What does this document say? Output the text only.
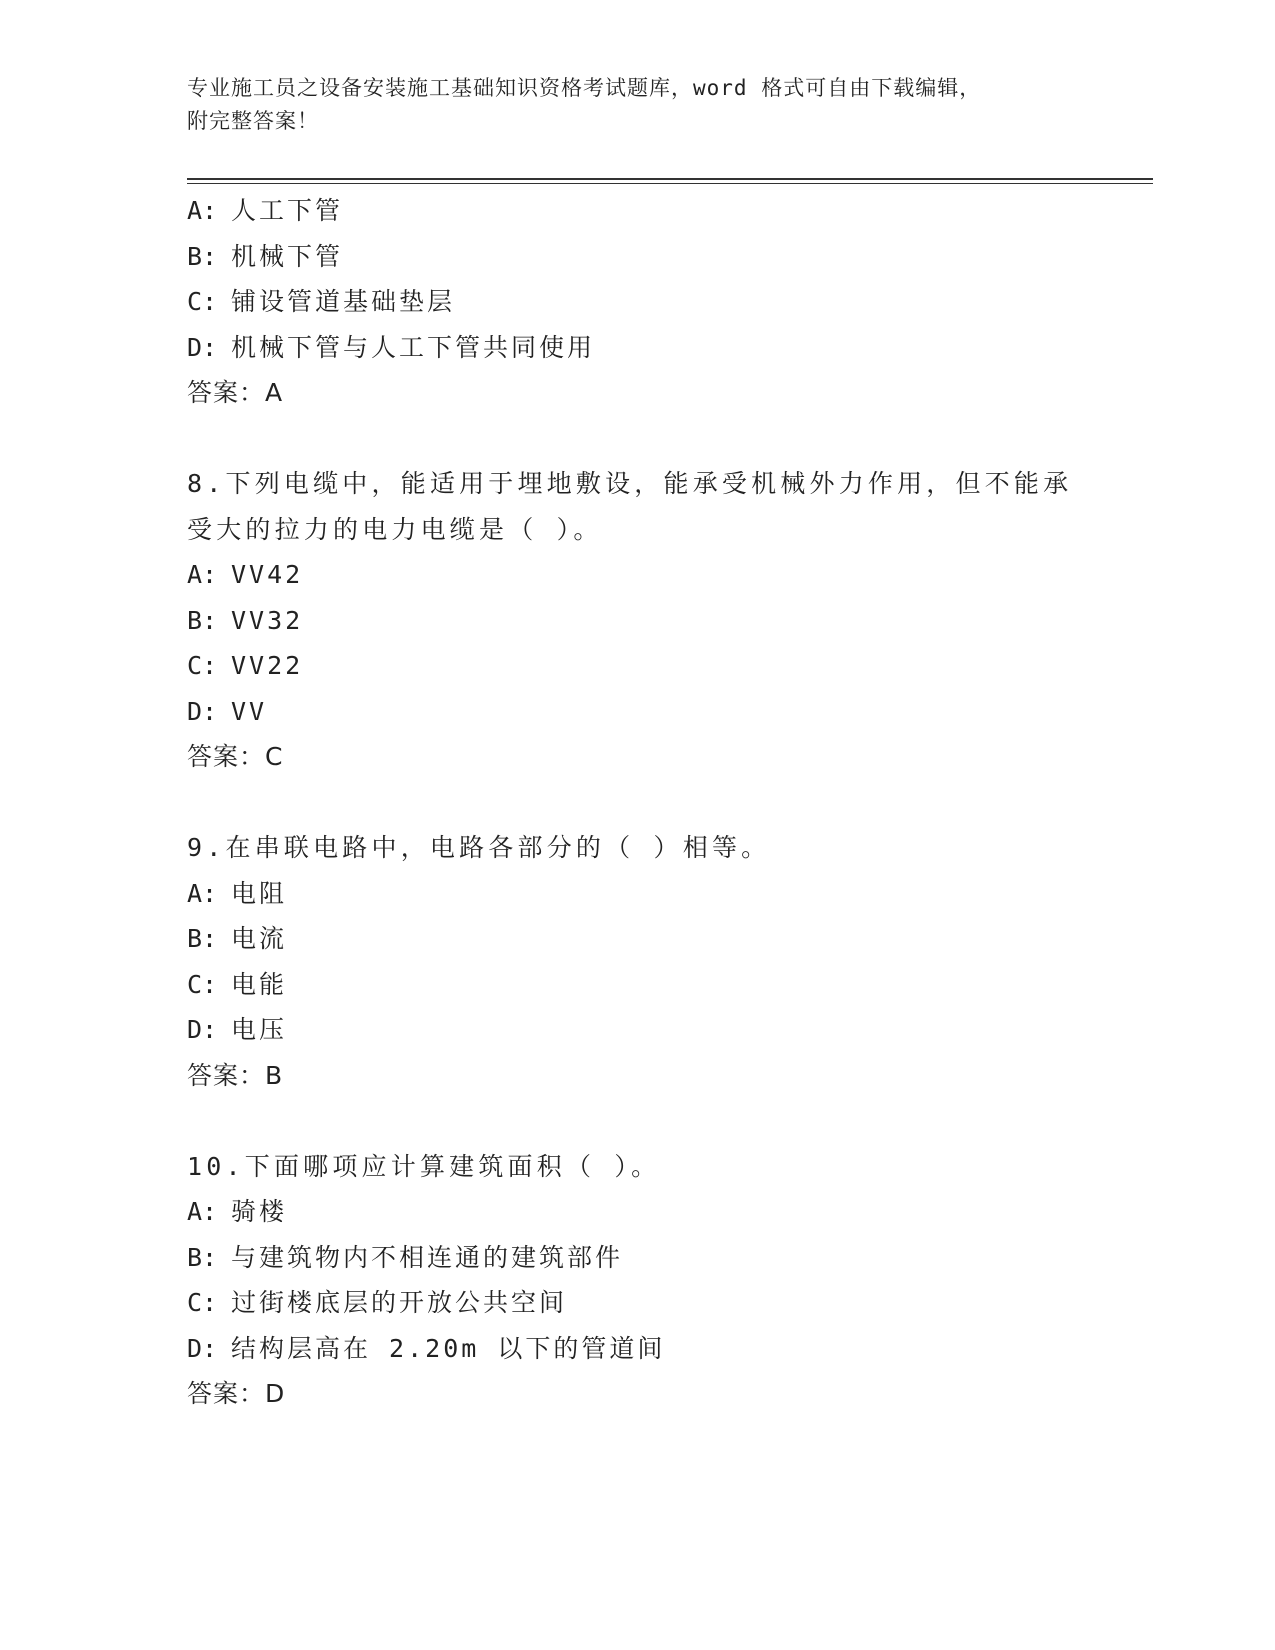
专业施工员之设备安装施工基础知识资格考试题库，word 格式可自由下载编辑，
附完整答案！
A: 人工下管
B: 机械下管
C: 铺设管道基础垫层
D: 机械下管与人工下管共同使用
答案：A
8.下列电缆中，能适用于埋地敷设，能承受机械外力作用，但不能承
受大的拉力的电力电缆是（ ）。
A: VV42
B: VV32
C: VV22
D: VV
答案：C
9.在串联电路中，电路各部分的（ ）相等。
A: 电阻
B: 电流
C: 电能
D: 电压
答案：B
10.下面哪项应计算建筑面积（ ）。
A: 骑楼
B: 与建筑物内不相连通的建筑部件
C: 过街楼底层的开放公共空间
D: 结构层高在 2.20m 以下的管道间
答案：D
